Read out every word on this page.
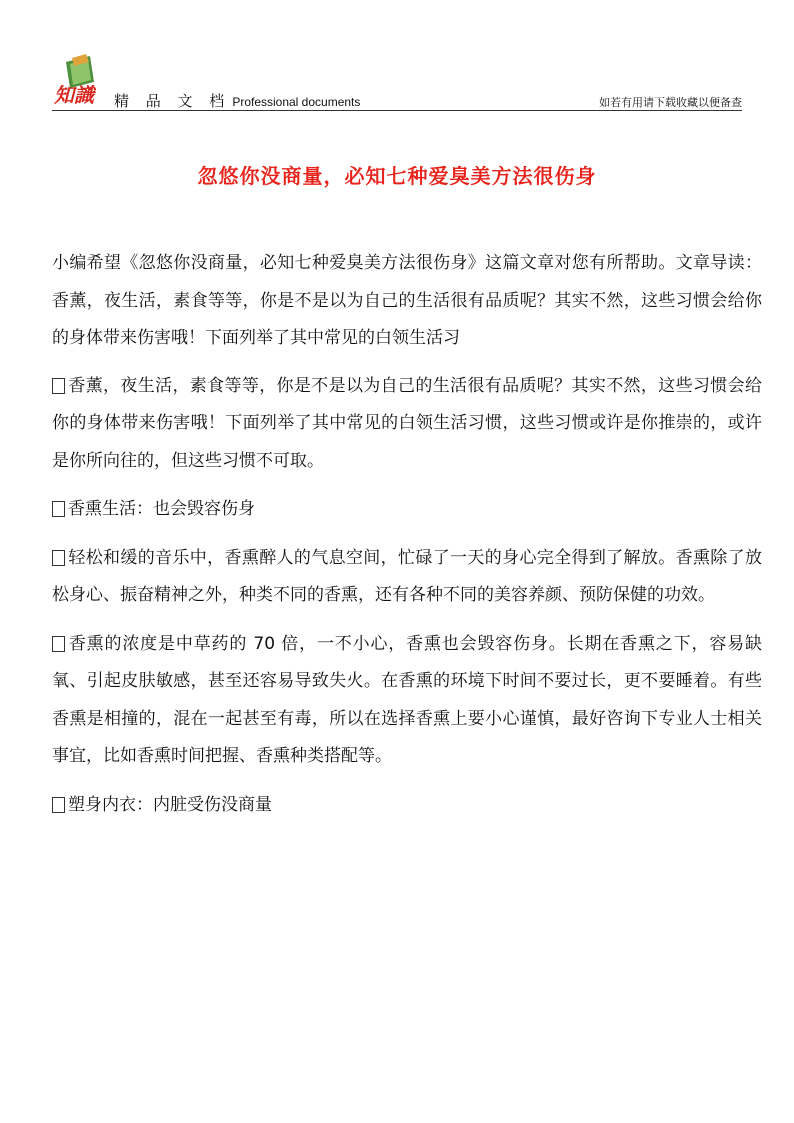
知識 精 品 文 档 Professional documents	如若有用请下载收藏以便备查
忽悠你没商量，必知七种爱臭美方法很伤身

小编希望《忽悠你没商量，必知七种爱臭美方法很伤身》这篇文章对您有所帮助。文章导读：香薰，夜生活，素食等等，你是不是以为自己的生活很有品质呢？其实不然，这些习惯会给你的身体带来伤害哦！下面列举了其中常见的白领生活习

香薰，夜生活，素食等等，你是不是以为自己的生活很有品质呢？其实不然，这些习惯会给你的身体带来伤害哦！下面列举了其中常见的白领生活习惯，这些习惯或许是你推崇的，或许是你所向往的，但这些习惯不可取。

香熏生活：也会毁容伤身

轻松和缓的音乐中，香熏醉人的气息空间，忙碌了一天的身心完全得到了解放。香熏除了放松身心、振奋精神之外，种类不同的香熏，还有各种不同的美容养颜、预防保健的功效。

香熏的浓度是中草药的 70 倍，一不小心，香熏也会毁容伤身。长期在香熏之下，容易缺氧、引起皮肤敏感，甚至还容易导致失火。在香熏的环境下时间不要过长，更不要睡着。有些香熏是相撞的，混在一起甚至有毒，所以在选择香熏上要小心谨慎，最好咨询下专业人士相关事宜，比如香熏时间把握、香熏种类搭配等。

塑身内衣：内脏受伤没商量
